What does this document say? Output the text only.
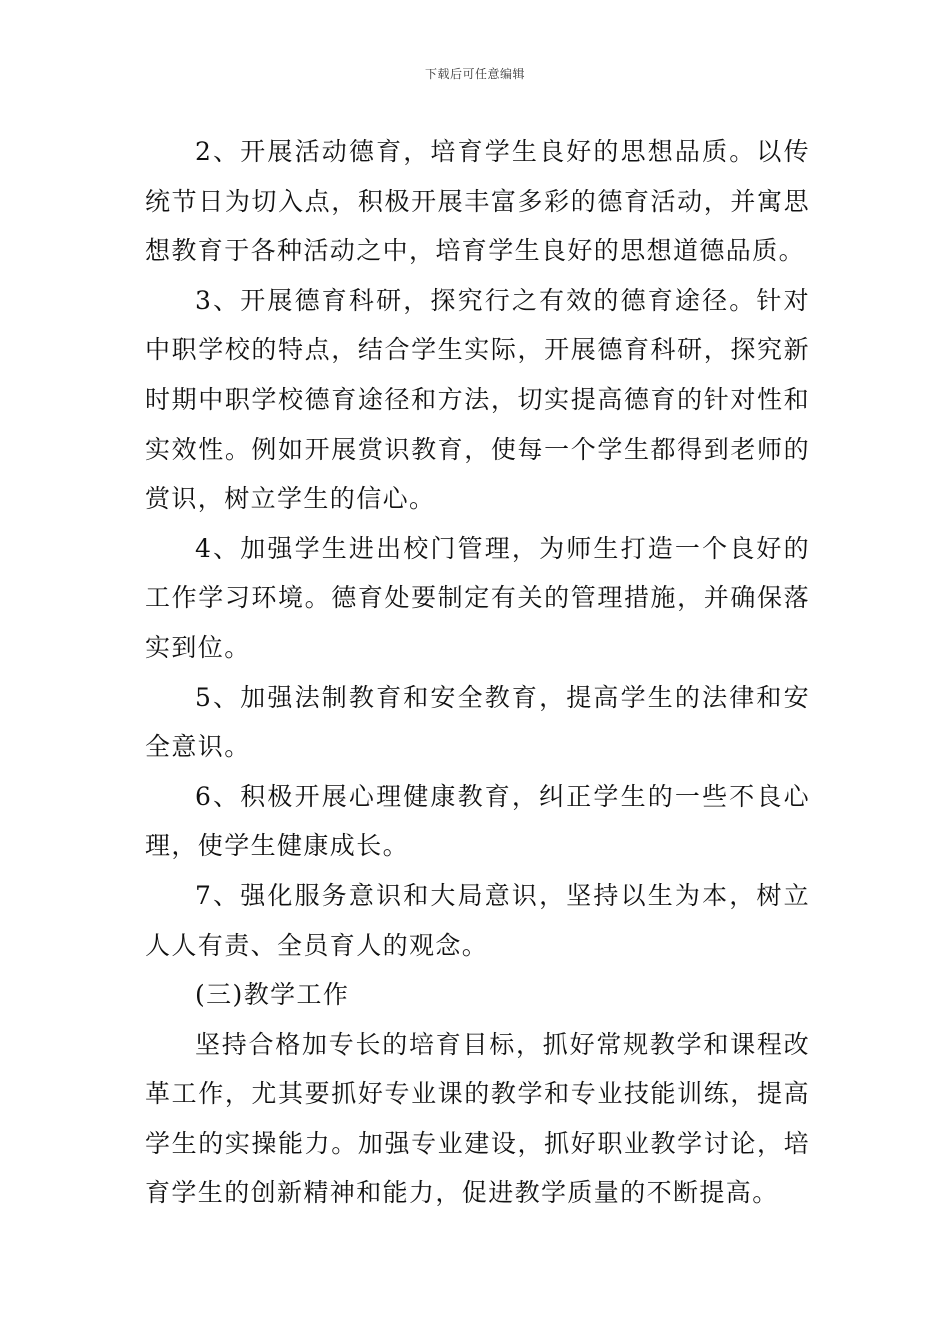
下载后可任意编辑

2、开展活动德育，培育学生良好的思想品质。以传统节日为切入点，积极开展丰富多彩的德育活动，并寓思想教育于各种活动之中，培育学生良好的思想道德品质。

3、开展德育科研，探究行之有效的德育途径。针对中职学校的特点，结合学生实际，开展德育科研，探究新时期中职学校德育途径和方法，切实提高德育的针对性和实效性。例如开展赏识教育，使每一个学生都得到老师的赏识，树立学生的信心。

4、加强学生进出校门管理，为师生打造一个良好的工作学习环境。德育处要制定有关的管理措施，并确保落实到位。

5、加强法制教育和安全教育，提高学生的法律和安全意识。

6、积极开展心理健康教育，纠正学生的一些不良心理，使学生健康成长。

7、强化服务意识和大局意识，坚持以生为本，树立人人有责、全员育人的观念。

(三)教学工作

坚持合格加专长的培育目标，抓好常规教学和课程改革工作，尤其要抓好专业课的教学和专业技能训练，提高学生的实操能力。加强专业建设，抓好职业教学讨论，培育学生的创新精神和能力，促进教学质量的不断提高。
